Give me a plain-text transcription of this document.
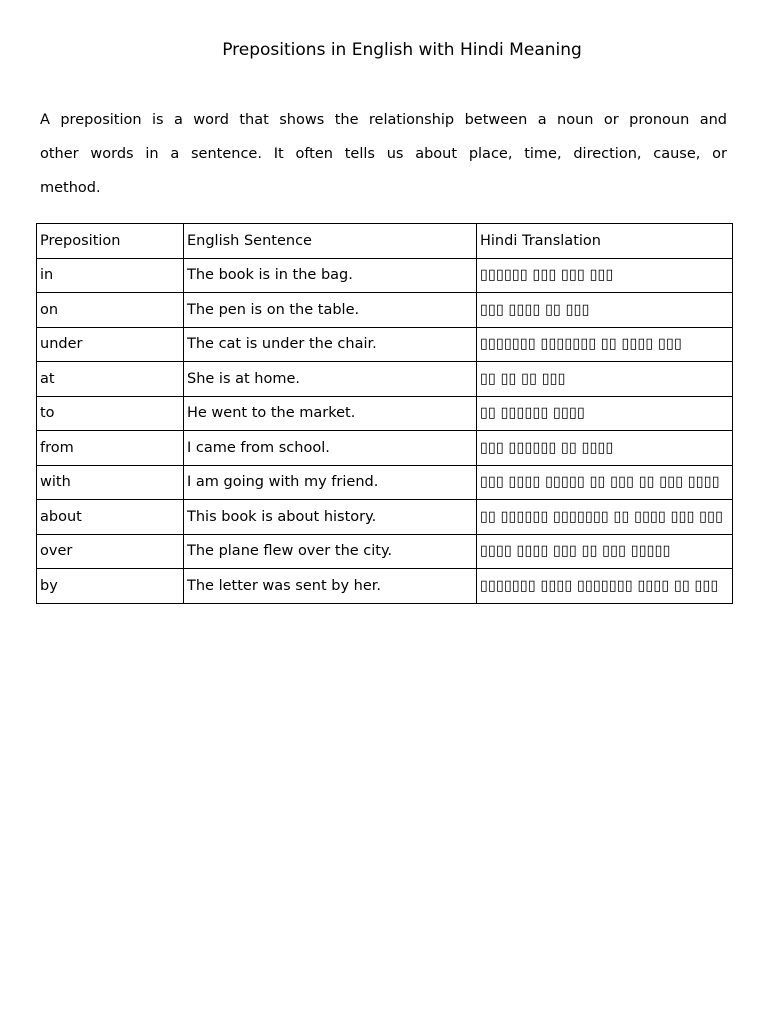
Prepositions in English with Hindi Meaning

A preposition is a word that shows the relationship between a noun or pronoun and other words in a sentence. It often tells us about place, time, direction, cause, or method.

Preposition	English Sentence	Hindi Translation
in	The book is in the bag.	▯▯▯▯▯▯ ▯▯▯ ▯▯▯ ▯▯▯
on	The pen is on the table.	▯▯▯ ▯▯▯▯ ▯▯ ▯▯▯
under	The cat is under the chair.	▯▯▯▯▯▯▯ ▯▯▯▯▯▯▯ ▯▯ ▯▯▯▯ ▯▯▯
at	She is at home.	▯▯ ▯▯ ▯▯ ▯▯▯
to	He went to the market.	▯▯ ▯▯▯▯▯▯ ▯▯▯▯
from	I came from school.	▯▯▯ ▯▯▯▯▯▯ ▯▯ ▯▯▯▯
with	I am going with my friend.	▯▯▯ ▯▯▯▯ ▯▯▯▯▯ ▯▯ ▯▯▯ ▯▯ ▯▯▯ ▯▯▯▯
about	This book is about history.	▯▯ ▯▯▯▯▯▯ ▯▯▯▯▯▯▯ ▯▯ ▯▯▯▯ ▯▯▯ ▯▯▯
over	The plane flew over the city.	▯▯▯▯ ▯▯▯▯ ▯▯▯ ▯▯ ▯▯▯ ▯▯▯▯▯
by	The letter was sent by her.	▯▯▯▯▯▯▯ ▯▯▯▯ ▯▯▯▯▯▯▯ ▯▯▯▯ ▯▯ ▯▯▯
